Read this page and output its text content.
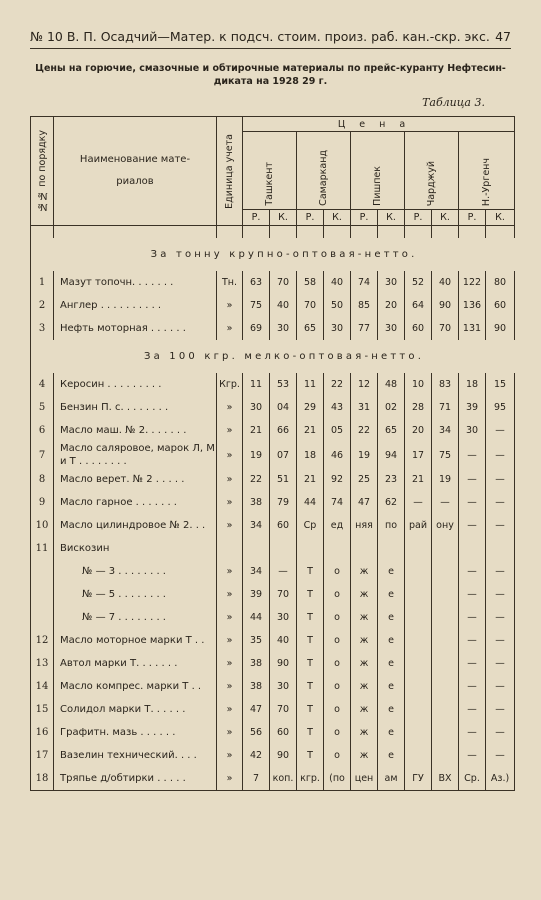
№ 10 В. П. Осадчий—Матер. к подсч. стоим. произ. раб. кан.-скр. экс. 47
Цены на горючие, смазочные и обтирочные материалы по прейс-куранту Нефтесин-
диката на 1928 29 г.
Таблица 3.
№№ по порядку	Наименование мате-
риалов	Единица учета	Цена									

			Ташкент		Самарканд		Пишпек		Чарджуй		Н.-Ургенч	

			Р.	К.	Р.	К.	Р.	К.	Р.	К.	Р.	К.

	За тонну крупно-оптовая-нетто.											
1	Мазут топочн. . . . . . .	Тн.	63	70	58	40	74	30	52	40	122	80
2	Англер . . . . . . . . . .	»	75	40	70	50	85	20	64	90	136	60
3	Нефть моторная . . . . . .	»	69	30	65	30	77	30	60	70	131	90
	За 100 кгр. мелко-оптовая-нетто.											
4	Керосин . . . . . . . . .	Кгр.	11	53	11	22	12	48	10	83	18	15
5	Бензин П. с. . . . . . . .	»	30	04	29	43	31	02	28	71	39	95
6	Масло маш. № 2. . . . . . .	»	21	66	21	05	22	65	20	34	30	—
7	Масло саляровое, марок Л, М и Т . . . . . . . .	»	19	07	18	46	19	94	17	75	—	—
8	Масло верет. № 2 . . . . .	»	22	51	21	92	25	23	21	19	—	—
9	Масло гарное . . . . . . .	»	38	79	44	74	47	62	—	—	—	—
10	Масло цилиндровое № 2. . .	»	34	60	Ср	ед	няя	по	рай	ону	—	—
11	Вискозин											
	№ — 3 . . . . . . . .	»	34	—	Т	о	ж	е			—	—
	№ — 5 . . . . . . . .	»	39	70	Т	о	ж	е			—	—
	№ — 7 . . . . . . . .	»	44	30	Т	о	ж	е			—	—
12	Масло моторное марки Т . .	»	35	40	Т	о	ж	е			—	—
13	Автол марки Т. . . . . . .	»	38	90	Т	о	ж	е			—	—
14	Масло компрес. марки Т . .	»	38	30	Т	о	ж	е			—	—
15	Солидол марки Т. . . . . .	»	47	70	Т	о	ж	е			—	—
16	Графитн. мазь . . . . . .	»	56	60	Т	о	ж	е			—	—
17	Вазелин технический. . . .	»	42	90	Т	о	ж	е			—	—
18	Тряпье д/обтирки . . . . .	»	7	коп.	кгр.	(по	цен	ам	ГУ	ВХ	Ср.	Аз.)
